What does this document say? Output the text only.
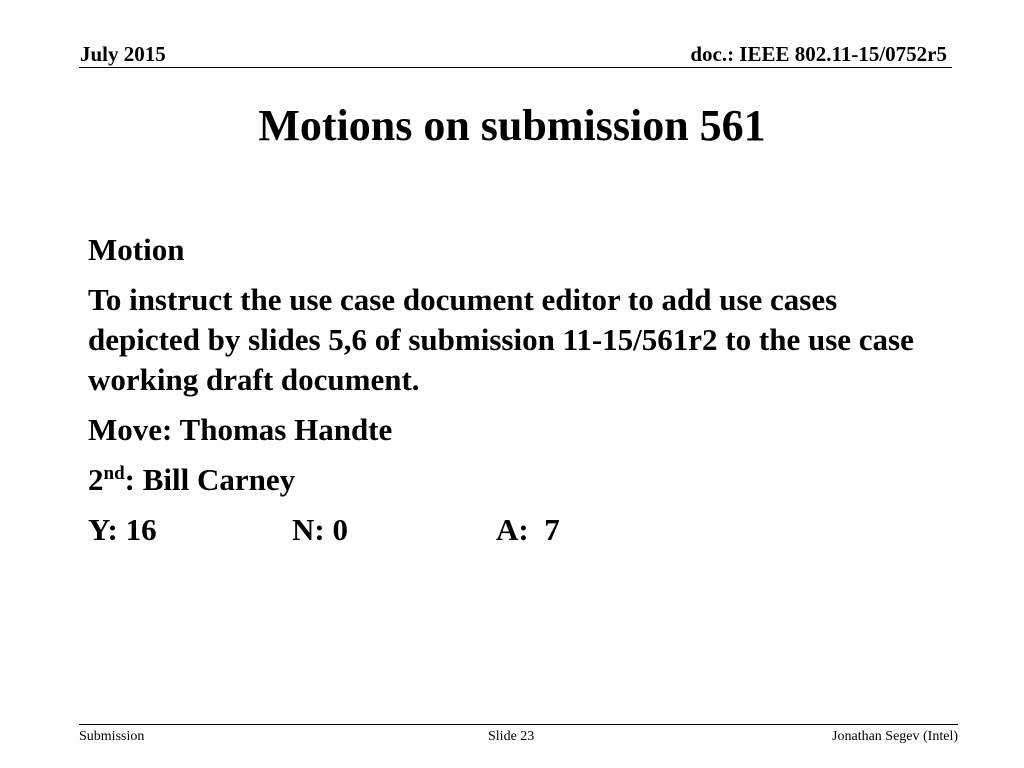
July 2015	doc.: IEEE 802.11-15/0752r5
Motions on submission 561

Motion

To instruct the use case document editor to add use cases depicted by slides 5,6 of submission 11-15/561r2 to the use case working draft document.

Move: Thomas Handte

2nd: Bill Carney

Y: 16	N: 0	A:  7

Submission	Slide 23	Jonathan Segev (Intel)
